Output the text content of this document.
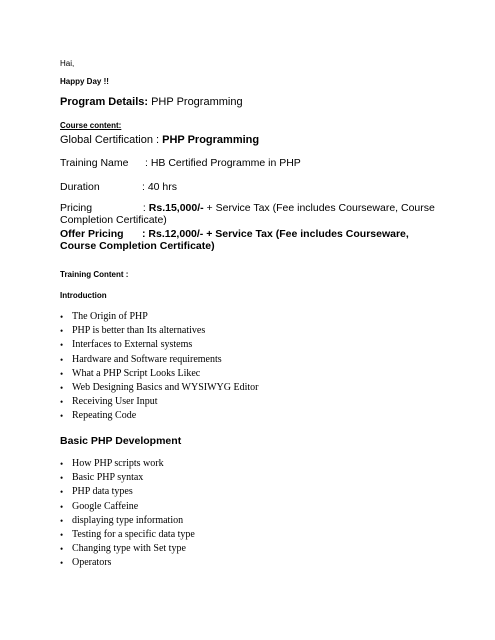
Hai,
Happy Day !!
Program Details: PHP Programming
Course content:
Global Certification : PHP Programming
Training Name : HB Certified Programme in PHP
Duration	: 40 hrs
Pricing	: Rs.15,000/- + Service Tax (Fee includes Courseware, Course Completion Certificate)
Offer Pricing : Rs.12,000/- + Service Tax (Fee includes Courseware, Course Completion Certificate)
Training Content :
Introduction
• The Origin of PHP
• PHP is better than Its alternatives
• Interfaces to External systems
• Hardware and Software requirements
• What a PHP Script Looks Likec
• Web Designing Basics and WYSIWYG Editor
• Receiving User Input
• Repeating Code
Basic PHP Development
• How PHP scripts work
• Basic PHP syntax
• PHP data types
• Google Caffeine
• displaying type information
• Testing for a specific data type
• Changing type with Set type
• Operators
